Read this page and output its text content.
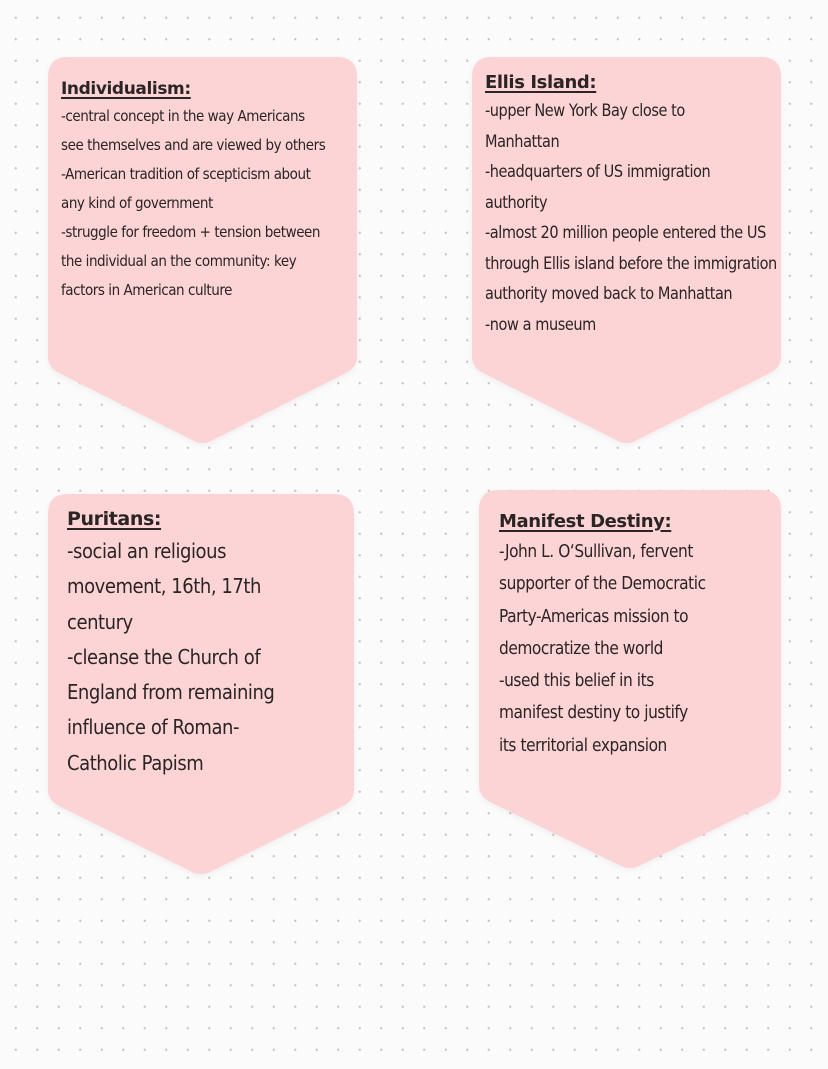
Individualism:

-central concept in the way Americans

see themselves and are viewed by others

-American tradition of scepticism about

any kind of government

-struggle for freedom + tension between

the individual an the community: key

factors in American culture

Ellis Island:

-upper New York Bay close to

Manhattan

-headquarters of US immigration

authority

-almost 20 million people entered the US

through Ellis island before the immigration

authority moved back to Manhattan

-now a museum

Puritans:

-social an religious

movement, 16th, 17th

century

-cleanse the Church of

England from remaining

influence of Roman-

Catholic Papism

Manifest Destiny:

-John L. O‘Sullivan, fervent

supporter of the Democratic

Party-Americas mission to

democratize the world

-used this belief in its

manifest destiny to justify

its territorial expansion
